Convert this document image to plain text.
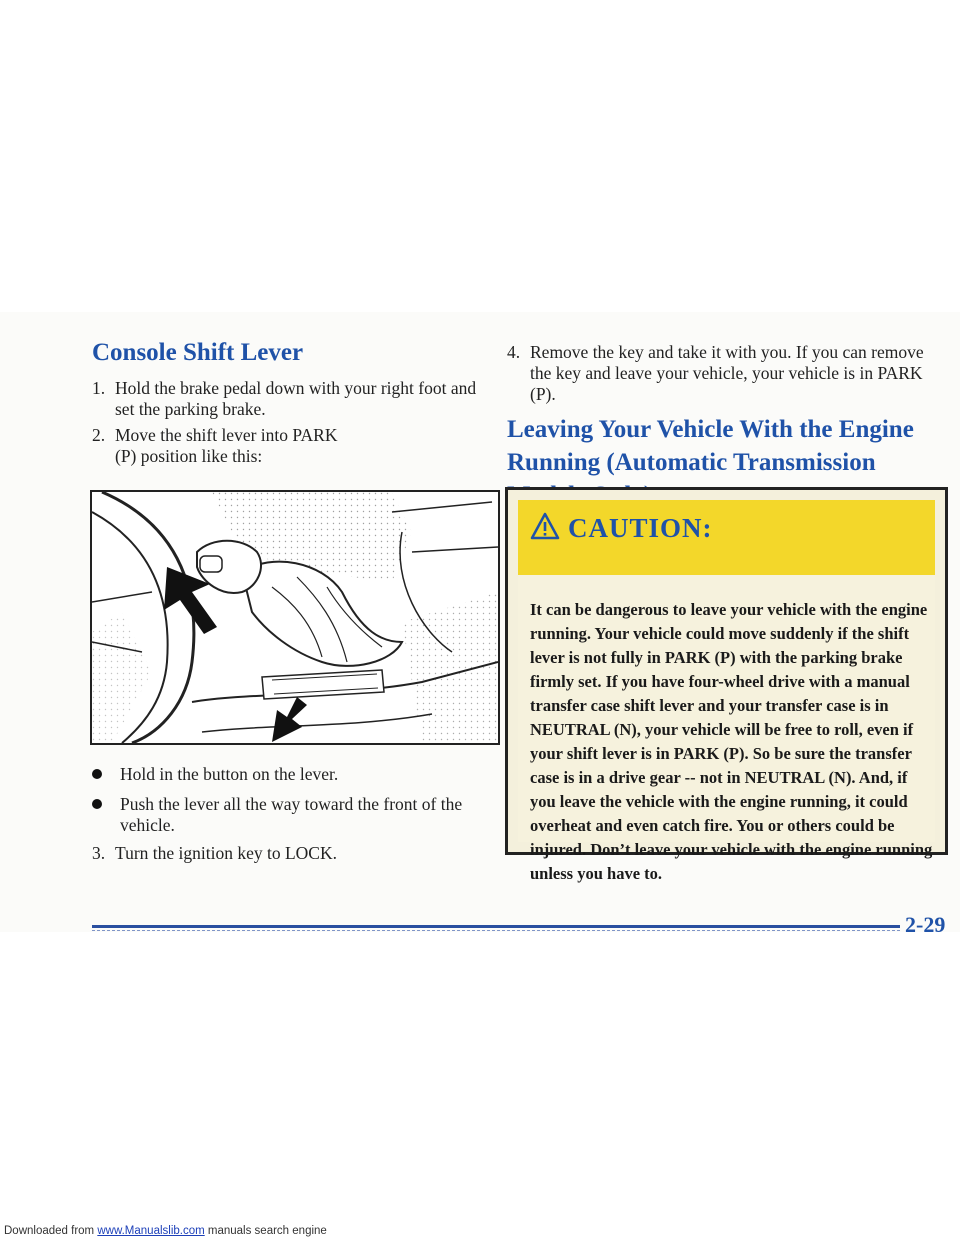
Console Shift Lever
1. Hold the brake pedal down with your right foot and set the parking brake.
2. Move the shift lever into PARK (P) position like this:
Hold in the button on the lever.
Push the lever all the way toward the front of the vehicle.
3. Turn the ignition key to LOCK.
4. Remove the key and take it with you. If you can remove the key and leave your vehicle, your vehicle is in PARK (P).
Leaving Your Vehicle With the Engine Running (Automatic Transmission
CAUTION:
It can be dangerous to leave your vehicle with the engine running. Your vehicle could move suddenly if the shift lever is not fully in PARK (P) with the parking brake firmly set. If you have four-wheel drive with a manual transfer case shift lever and your transfer case is in NEUTRAL (N), your vehicle will be free to roll, even if your shift lever is in PARK (P). So be sure the transfer case is in a drive gear -- not in NEUTRAL (N). And, if you leave the vehicle with the engine running, it could overheat and even catch fire. You or others could be injured. Don’t leave your vehicle with the engine running unless you have to.
2-29
Downloaded from www.Manualslib.com manuals search engine
